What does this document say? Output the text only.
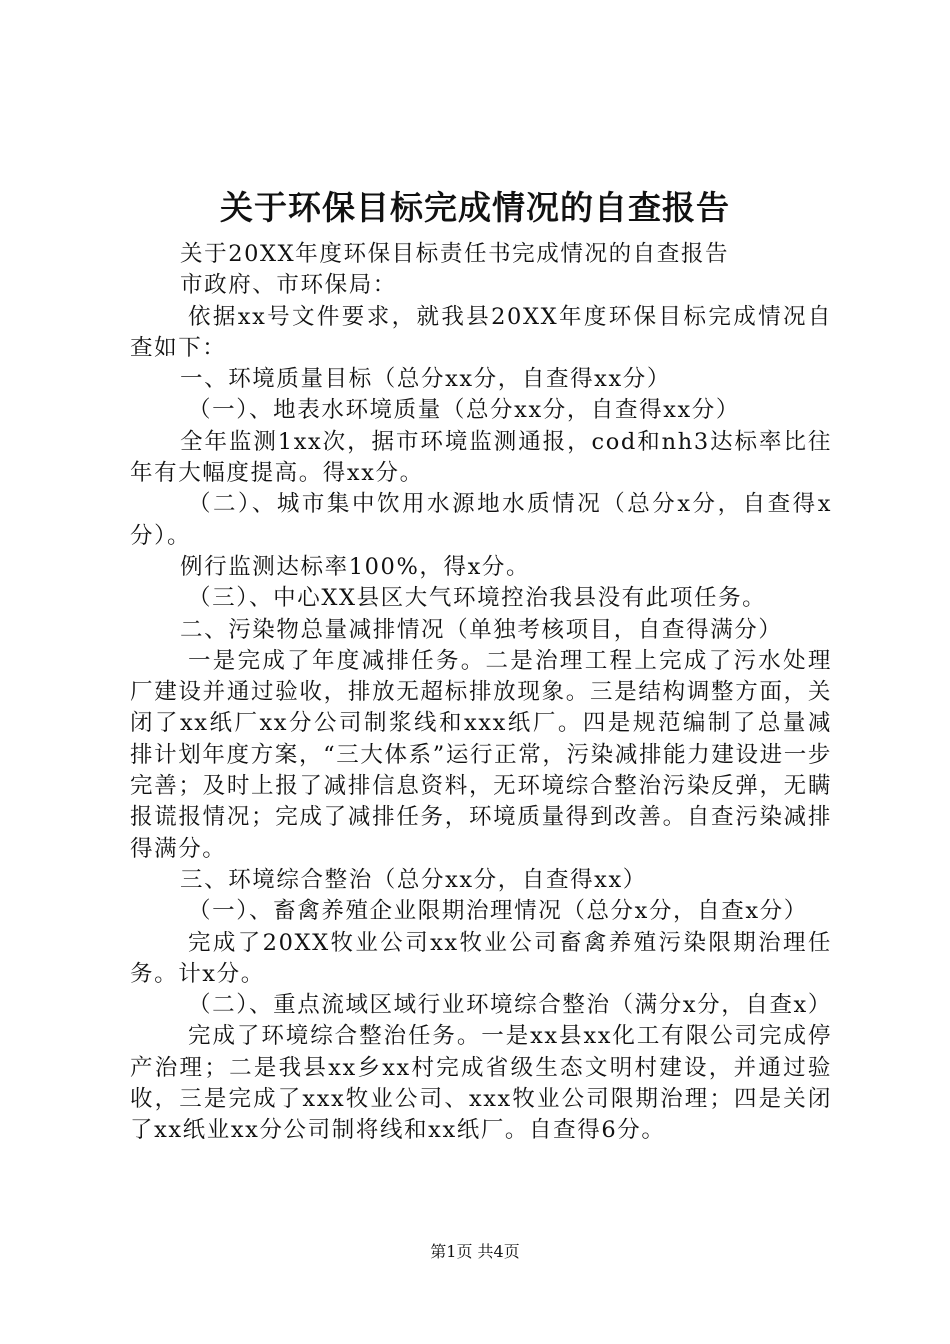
关于环保目标完成情况的自查报告

关于20XX年度环保目标责任书完成情况的自查报告

市政府、市环保局：

依据xx号文件要求，就我县20XX年度环保目标完成情况自查如下：

一、环境质量目标（总分xx分，自查得xx分）

（一）、地表水环境质量（总分xx分，自查得xx分）

全年监测1xx次，据市环境监测通报，cod和nh3达标率比往年有大幅度提高。得xx分。

（二）、城市集中饮用水源地水质情况（总分x分，自查得x分）。

例行监测达标率100%，得x分。

（三）、中心XX县区大气环境控治我县没有此项任务。

二、污染物总量减排情况（单独考核项目，自查得满分）

一是完成了年度减排任务。二是治理工程上完成了污水处理厂建设并通过验收，排放无超标排放现象。三是结构调整方面，关闭了xx纸厂xx分公司制浆线和xxx纸厂。四是规范编制了总量减排计划年度方案，“三大体系”运行正常，污染减排能力建设进一步完善；及时上报了减排信息资料，无环境综合整治污染反弹，无瞒报谎报情况；完成了减排任务，环境质量得到改善。自查污染减排得满分。

三、环境综合整治（总分xx分，自查得xx）

（一）、畜禽养殖企业限期治理情况（总分x分，自查x分）

完成了20XX牧业公司xx牧业公司畜禽养殖污染限期治理任务。计x分。

（二）、重点流域区域行业环境综合整治（满分x分，自查x）

完成了环境综合整治任务。一是xx县xx化工有限公司完成停产治理；二是我县xx乡xx村完成省级生态文明村建设，并通过验收，三是完成了xxx牧业公司、xxx牧业公司限期治理；四是关闭了xx纸业xx分公司制将线和xx纸厂。自查得6分。

第1页 共4页
